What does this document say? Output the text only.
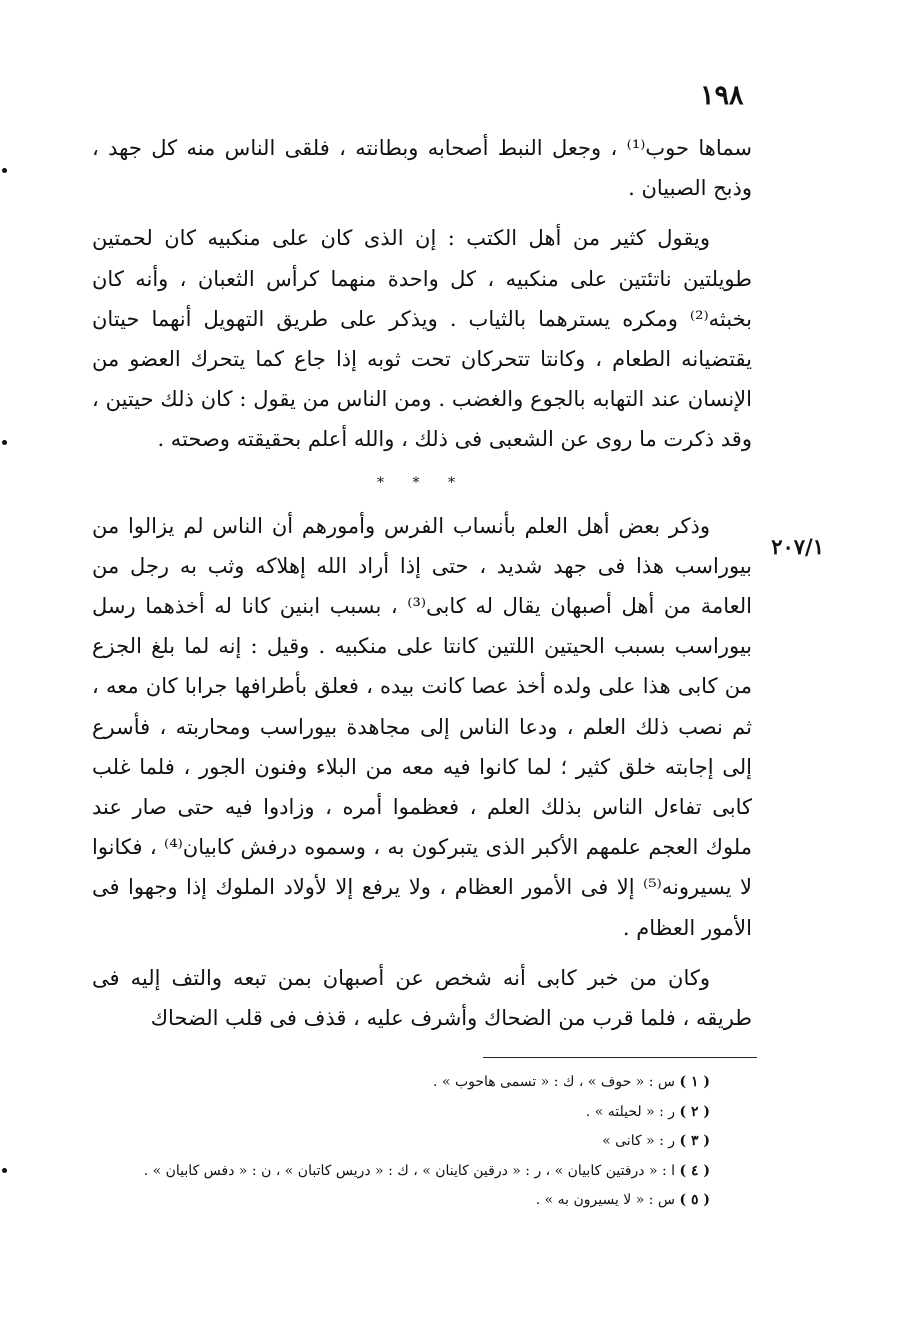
١٩٨
٢٠٧/١

سماها حوب⁽¹⁾ ، وجعل النبط أصحابه وبطانته ، فلقى الناس منه كل جهد ، وذبح الصبيان .

ويقول كثير من أهل الكتب : إن الذى كان على منكبيه كان لحمتين طويلتين ناتئتين على منكبيه ، كل واحدة منهما كرأس الثعبان ، وأنه كان بخبثه⁽²⁾ ومكره يسترهما بالثياب . ويذكر على طريق التهويل أنهما حيتان يقتضيانه الطعام ، وكانتا تتحركان تحت ثوبه إذا جاع كما يتحرك العضو من الإنسان عند التهابه بالجوع والغضب . ومن الناس من يقول : كان ذلك حيتين ، وقد ذكرت ما روى عن الشعبى فى ذلك ، والله أعلم بحقيقته وصحته .

* * *

وذكر بعض أهل العلم بأنساب الفرس وأمورهم أن الناس لم يزالوا من بيوراسب هذا فى جهد شديد ، حتى إذا أراد الله إهلاكه وثب به رجل من العامة من أهل أصبهان يقال له كابى⁽³⁾ ، بسبب ابنين كانا له أخذهما رسل بيوراسب بسبب الحيتين اللتين كانتا على منكبيه . وقيل : إنه لما بلغ الجزع من كابى هذا على ولده أخذ عصا كانت بيده ، فعلق بأطرافها جرابا كان معه ، ثم نصب ذلك العلم ، ودعا الناس إلى مجاهدة بيوراسب ومحاربته ، فأسرع إلى إجابته خلق كثير ؛ لما كانوا فيه معه من البلاء وفنون الجور ، فلما غلب كابى تفاءل الناس بذلك العلم ، فعظموا أمره ، وزادوا فيه حتى صار عند ملوك العجم علمهم الأكبر الذى يتبركون به ، وسموه درفش كابيان⁽⁴⁾ ، فكانوا لا يسيرونه⁽⁵⁾ إلا فى الأمور العظام ، ولا يرفع إلا لأولاد الملوك إذا وجهوا فى الأمور العظام .

وكان من خبر كابى أنه شخص عن أصبهان بمن تبعه والتف إليه فى طريقه ، فلما قرب من الضحاك وأشرف عليه ، قذف فى قلب الضحاك

( ١ ) س : « حوف » ، ك : « تسمى هاحوب » .

( ٢ ) ر : « لحيلته » .

( ٣ ) ر : « كانى »

( ٤ ) ا : « درفتين كابيان » ، ر : « درقين كاينان » ، ك : « دريس كاتبان » ، ن : « دفس كابيان » .

( ٥ ) س : « لا يسيرون به » .
